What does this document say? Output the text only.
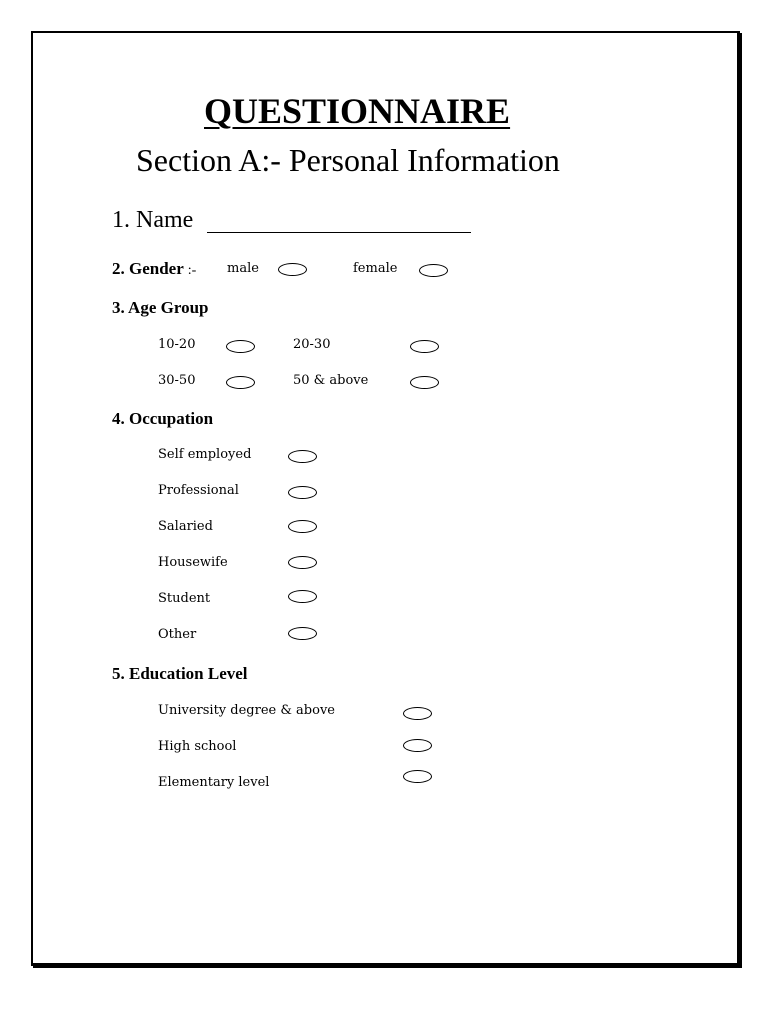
QUESTIONNAIRE
Section A:- Personal Information
1. Name
2. Gender :- male	female
3. Age Group
10-20	20-30
30-50	50 & above
4. Occupation
Self employed
Professional
Salaried
Housewife
Student
Other
5. Education Level
University degree & above
High school
Elementary level
